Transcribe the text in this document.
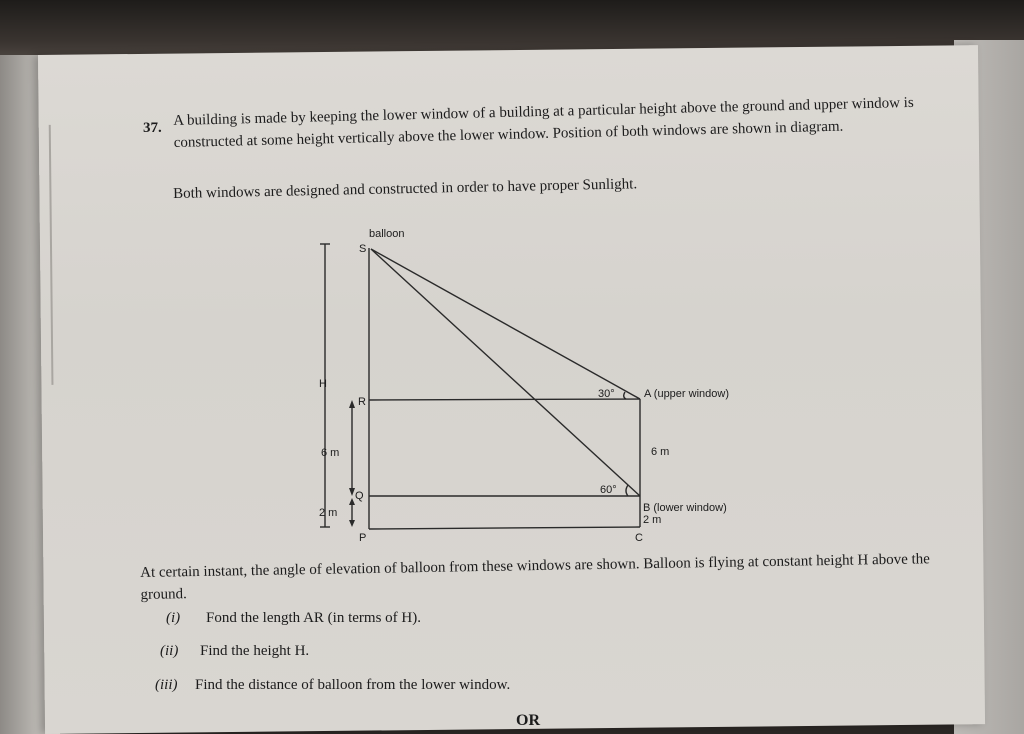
37. A building is made by keeping the lower window of a building at a particular height above the ground and upper window is constructed at some height vertically above the lower window. Position of both windows are shown in diagram.
Both windows are designed and constructed in order to have proper Sunlight.
balloon
S
R
Q
P	C
H
A (upper window)
B (lower window)
30°
60°
6 m	6 m
2 m
2 m
At certain instant, the angle of elevation of balloon from these windows are shown. Balloon is flying at constant height H above the ground.
(i) Fond the length AR (in terms of H).
(ii) Find the height H.
(iii) Find the distance of balloon from the lower window.
OR
